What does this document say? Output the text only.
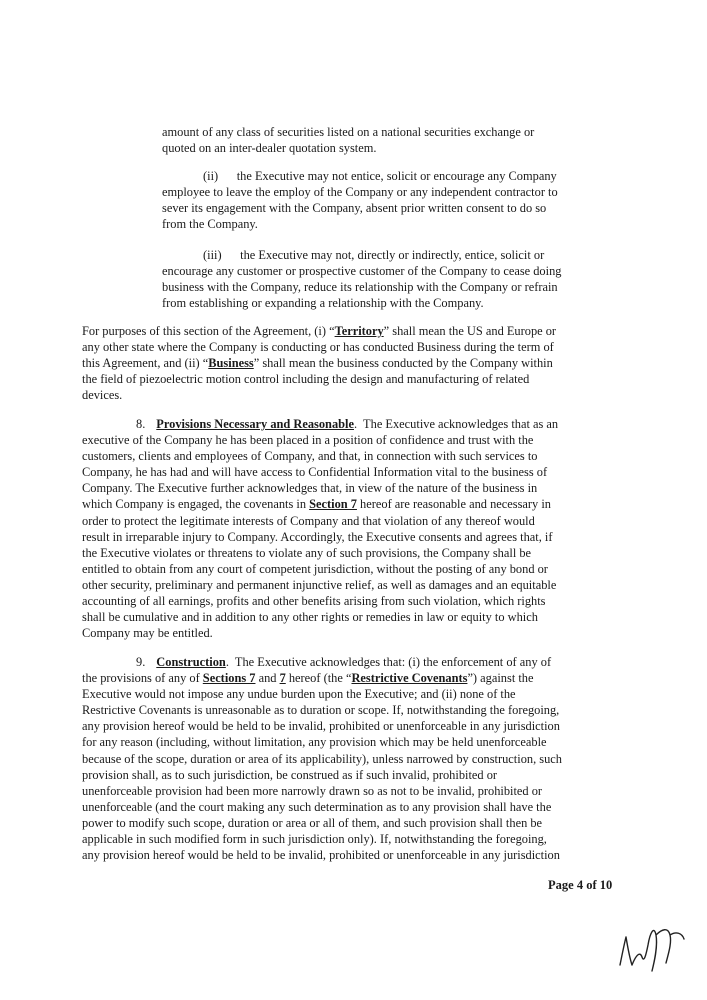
amount of any class of securities listed on a national securities exchange or
quoted on an inter-dealer quotation system.
(ii)      the Executive may not entice, solicit or encourage any Company
employee to leave the employ of the Company or any independent contractor to
sever its engagement with the Company, absent prior written consent to do so
from the Company.
(iii)      the Executive may not, directly or indirectly, entice, solicit or
encourage any customer or prospective customer of the Company to cease doing
business with the Company, reduce its relationship with the Company or refrain
from establishing or expanding a relationship with the Company.
For purposes of this section of the Agreement, (i) “Territory” shall mean the US and Europe or
any other state where the Company is conducting or has conducted Business during the term of
this Agreement, and (ii) “Business” shall mean the business conducted by the Company within
the field of piezoelectric motion control including the design and manufacturing of related
devices.
8. Provisions Necessary and Reasonable.  The Executive acknowledges that as an
executive of the Company he has been placed in a position of confidence and trust with the
customers, clients and employees of Company, and that, in connection with such services to
Company, he has had and will have access to Confidential Information vital to the business of
Company. The Executive further acknowledges that, in view of the nature of the business in
which Company is engaged, the covenants in Section 7 hereof are reasonable and necessary in
order to protect the legitimate interests of Company and that violation of any thereof would
result in irreparable injury to Company. Accordingly, the Executive consents and agrees that, if
the Executive violates or threatens to violate any of such provisions, the Company shall be
entitled to obtain from any court of competent jurisdiction, without the posting of any bond or
other security, preliminary and permanent injunctive relief, as well as damages and an equitable
accounting of all earnings, profits and other benefits arising from such violation, which rights
shall be cumulative and in addition to any other rights or remedies in law or equity to which
Company may be entitled.
9. Construction.  The Executive acknowledges that: (i) the enforcement of any of
the provisions of any of Sections 7 and 7 hereof (the “Restrictive Covenants”) against the
Executive would not impose any undue burden upon the Executive; and (ii) none of the
Restrictive Covenants is unreasonable as to duration or scope. If, notwithstanding the foregoing,
any provision hereof would be held to be invalid, prohibited or unenforceable in any jurisdiction
for any reason (including, without limitation, any provision which may be held unenforceable
because of the scope, duration or area of its applicability), unless narrowed by construction, such
provision shall, as to such jurisdiction, be construed as if such invalid, prohibited or
unenforceable provision had been more narrowly drawn so as not to be invalid, prohibited or
unenforceable (and the court making any such determination as to any provision shall have the
power to modify such scope, duration or area or all of them, and such provision shall then be
applicable in such modified form in such jurisdiction only). If, notwithstanding the foregoing,
any provision hereof would be held to be invalid, prohibited or unenforceable in any jurisdiction
Page 4 of 10
